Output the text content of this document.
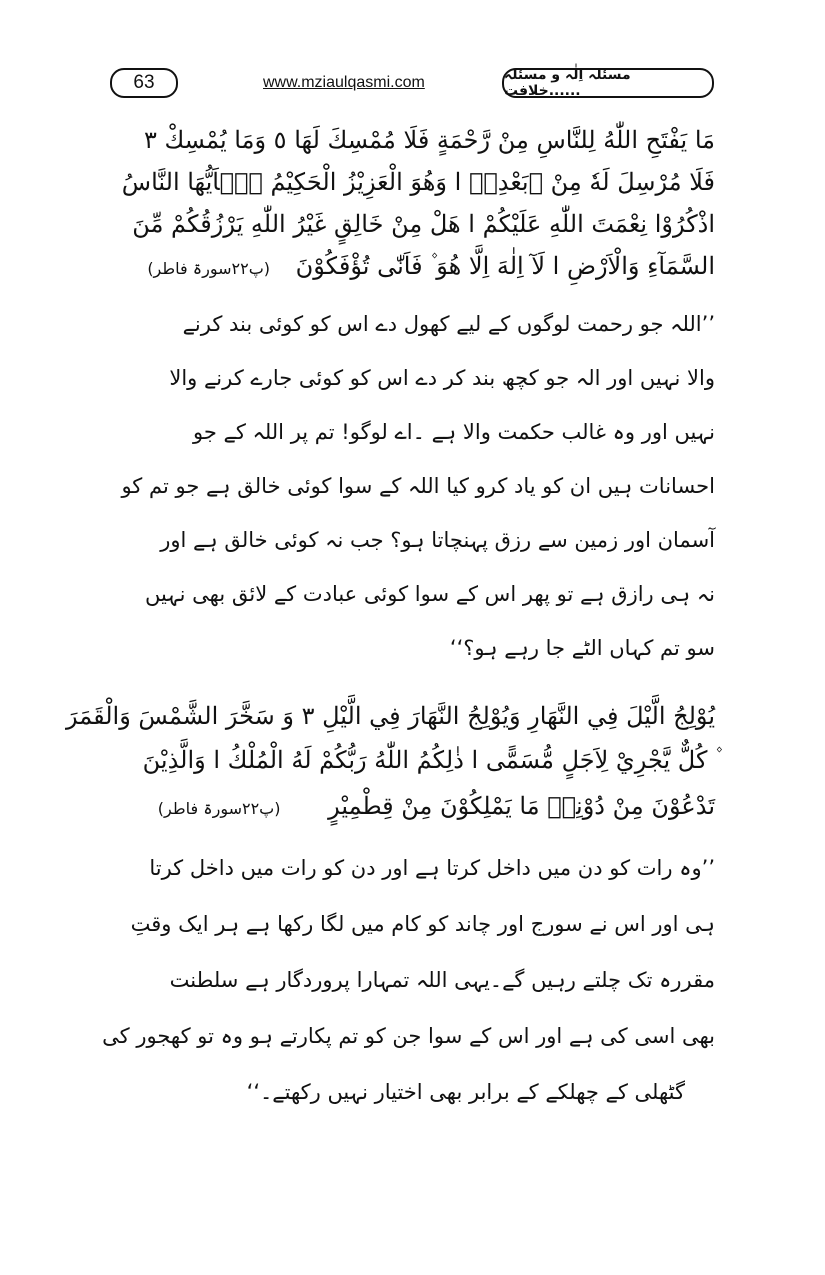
63	www.mziaulqasmi.com	مسئلہ اِلٰہ و مسئلہ خلافت......
مَا يَفْتَحِ اللّٰهُ لِلنَّاسِ مِنْ رَّحْمَةٍ فَلَا مُمْسِكَ لَهَا ٥ وَمَا يُمْسِكْ ٣
فَلَا مُرْسِلَ لَهٗ مِنْ ۢبَعْدِهٖ ا وَهُوَ الْعَزِيْزُ الْحَكِيْمُ يٰۤاَيُّهَا النَّاسُ
اذْكُرُوْا نِعْمَتَ اللّٰهِ عَلَيْكُمْ ا هَلْ مِنْ خَالِقٍ غَيْرُ اللّٰهِ يَرْزُقُكُمْ مِّنَ
السَّمَآءِ وَالْاَرْضِ ا لَآ اِلٰهَ اِلَّا هُوَ ۫ فَاَنّٰى تُؤْفَكُوْنَ (پ۲۲سورۃ فاطر)
’’اللہ جو رحمت لوگوں کے لیے کھول دے اس کو کوئی بند کرنے
والا نہیں اور الہ جو کچھ بند کر دے اس کو کوئی جارے کرنے والا
نہیں اور وہ غالب حکمت والا ہے ۔اے لوگو! تم پر اللہ کے جو
احسانات ہیں ان کو یاد کرو کیا اللہ کے سوا کوئی خالق ہے جو تم کو
آسمان اور زمین سے رزق پہنچاتا ہو؟ جب نہ کوئی خالق ہے اور
نہ ہی رازق ہے تو پھر اس کے سوا کوئی عبادت کے لائق بھی نہیں
سو تم کہاں الٹے جا رہے ہو؟‘‘
يُوْلِجُ الَّيْلَ فِي النَّهَارِ وَيُوْلِجُ النَّهَارَ فِي الَّيْلِ ٣ وَ سَخَّرَ الشَّمْسَ وَالْقَمَرَ
۫ كُلٌّ يَّجْرِيْ لِاَجَلٍ مُّسَمًّى ا ذٰلِكُمُ اللّٰهُ رَبُّكُمْ لَهُ الْمُلْكُ ا وَالَّذِيْنَ
تَدْعُوْنَ مِنْ دُوْنِهٖ مَا يَمْلِكُوْنَ مِنْ قِطْمِيْرٍ (پ۲۲سورۃ فاطر)
’’وہ رات کو دن میں داخل کرتا ہے اور دن کو رات میں داخل کرتا
ہی اور اس نے سورج اور چاند کو کام میں لگا رکھا ہے ہر ایک وقتِ
مقررہ تک چلتے رہیں گے۔یہی اللہ تمہارا پروردگار ہے سلطنت
بھی اسی کی ہے اور اس کے سوا جن کو تم پکارتے ہو وہ تو کھجور کی
گٹھلی کے چھلکے کے برابر بھی اختیار نہیں رکھتے۔‘‘
